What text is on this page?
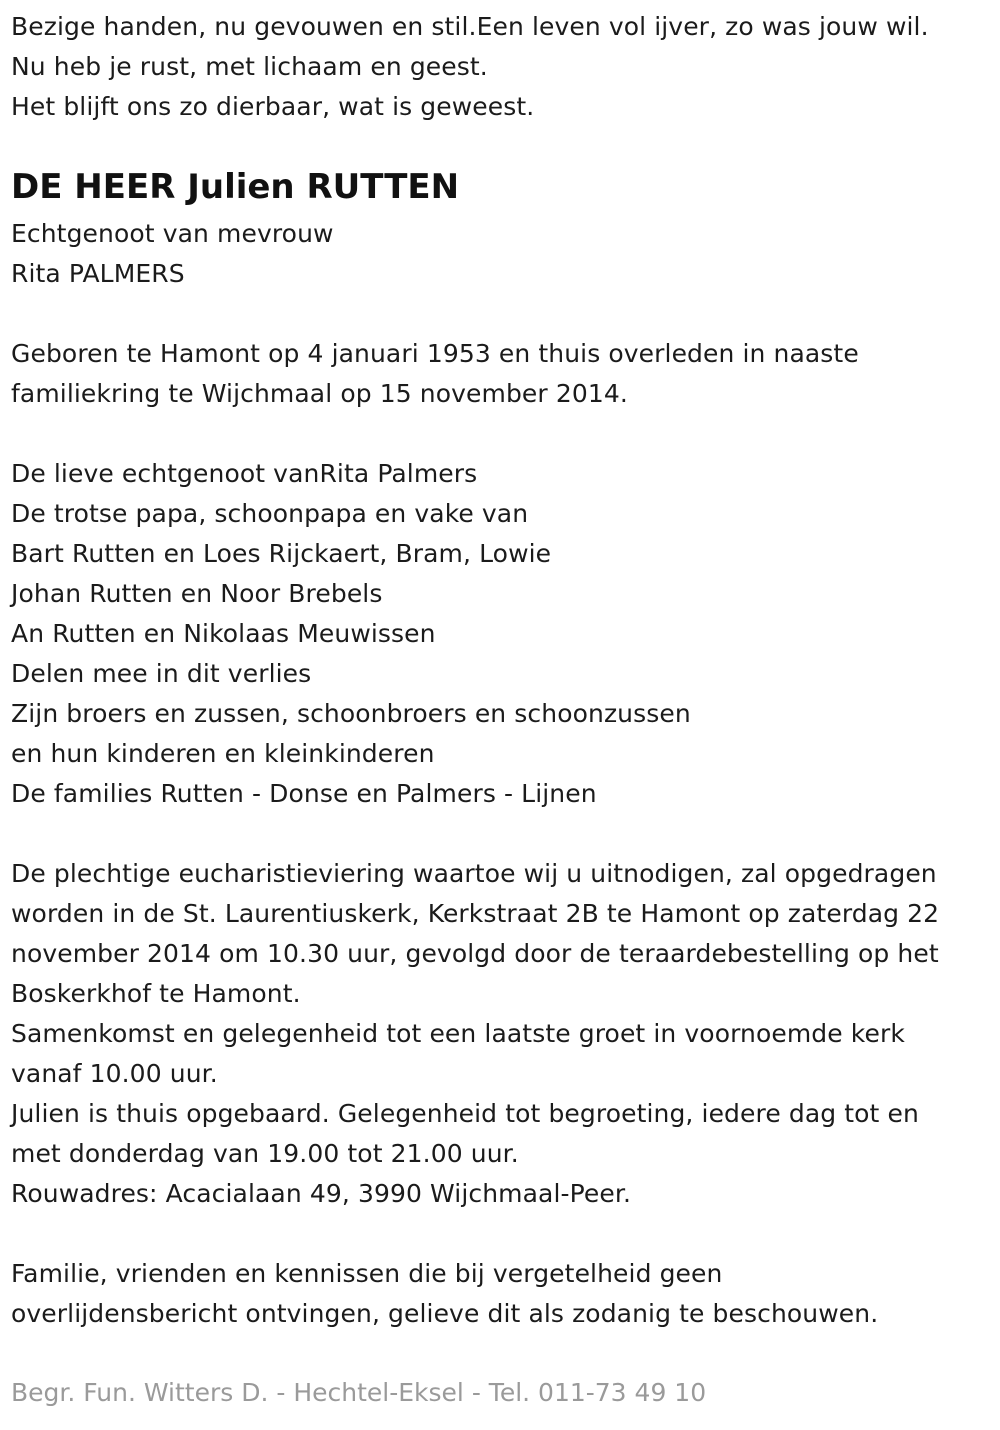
Bezige handen, nu gevouwen en stil.Een leven vol ijver, zo was jouw wil.
Nu heb je rust, met lichaam en geest.
Het blijft ons zo dierbaar, wat is geweest.
DE HEER Julien RUTTEN
Echtgenoot van mevrouw
Rita PALMERS
Geboren te Hamont op 4 januari 1953 en thuis overleden in naaste
familiekring te Wijchmaal op 15 november 2014.
De lieve echtgenoot vanRita Palmers
De trotse papa, schoonpapa en vake van
Bart Rutten en Loes Rijckaert, Bram, Lowie
Johan Rutten en Noor Brebels
An Rutten en Nikolaas Meuwissen
Delen mee in dit verlies
Zijn broers en zussen, schoonbroers en schoonzussen
en hun kinderen en kleinkinderen
De families Rutten - Donse en Palmers - Lijnen
De plechtige eucharistieviering waartoe wij u uitnodigen, zal opgedragen
worden in de St. Laurentiuskerk, Kerkstraat 2B te Hamont op zaterdag 22
november 2014 om 10.30 uur, gevolgd door de teraardebestelling op het
Boskerkhof te Hamont.
Samenkomst en gelegenheid tot een laatste groet in voornoemde kerk
vanaf 10.00 uur.
Julien is thuis opgebaard. Gelegenheid tot begroeting, iedere dag tot en
met donderdag van 19.00 tot 21.00 uur.
Rouwadres: Acacialaan 49, 3990 Wijchmaal-Peer.
Familie, vrienden en kennissen die bij vergetelheid geen
overlijdensbericht ontvingen, gelieve dit als zodanig te beschouwen.
Begr. Fun. Witters D. - Hechtel-Eksel - Tel. 011-73 49 10
